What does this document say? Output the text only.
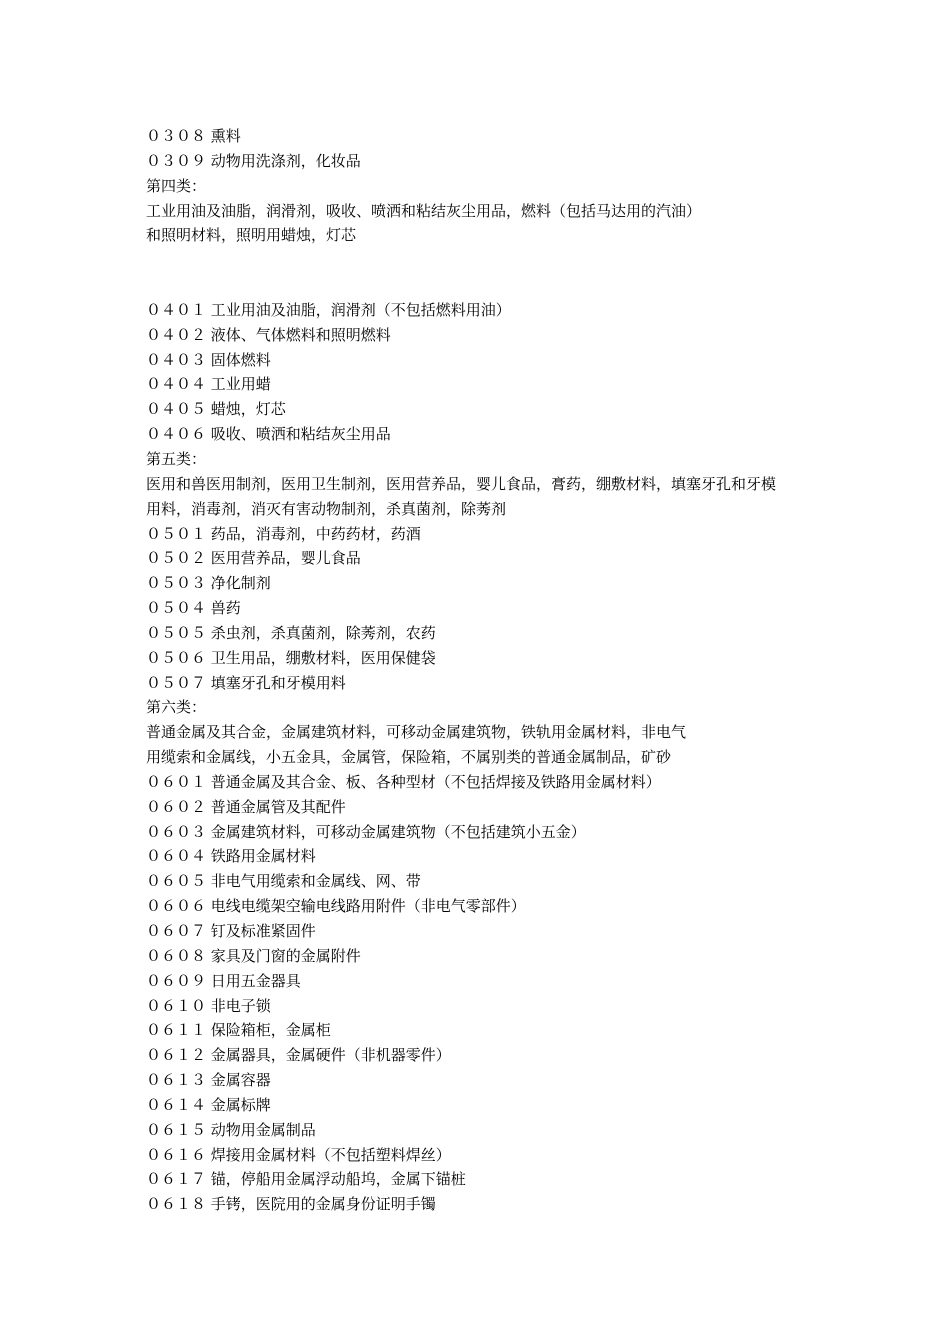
０３０８ 熏料
０３０９ 动物用洗涤剂，化妆品
第四类：
工业用油及油脂，润滑剂，吸收、喷洒和粘结灰尘用品，燃料（包括马达用的汽油）
和照明材料，照明用蜡烛，灯芯
０４０１ 工业用油及油脂，润滑剂（不包括燃料用油）
０４０２ 液体、气体燃料和照明燃料
０４０３ 固体燃料
０４０４ 工业用蜡
０４０５ 蜡烛，灯芯
０４０６ 吸收、喷洒和粘结灰尘用品
第五类：
医用和兽医用制剂，医用卫生制剂，医用营养品，婴儿食品，膏药，绷敷材料，填塞牙孔和牙模
用料，消毒剂，消灭有害动物制剂，杀真菌剂，除莠剂
０５０１ 药品，消毒剂，中药药材，药酒
０５０２ 医用营养品，婴儿食品
０５０３ 净化制剂
０５０４ 兽药
０５０５ 杀虫剂，杀真菌剂，除莠剂，农药
０５０６ 卫生用品，绷敷材料，医用保健袋
０５０７ 填塞牙孔和牙模用料
第六类：
普通金属及其合金，金属建筑材料，可移动金属建筑物，铁轨用金属材料，非电气
用缆索和金属线，小五金具，金属管，保险箱，不属别类的普通金属制品，矿砂
０６０１ 普通金属及其合金、板、各种型材（不包括焊接及铁路用金属材料）
０６０２ 普通金属管及其配件
０６０３ 金属建筑材料，可移动金属建筑物（不包括建筑小五金）
０６０４ 铁路用金属材料
０６０５ 非电气用缆索和金属线、网、带
０６０６ 电线电缆架空输电线路用附件（非电气零部件）
０６０７ 钉及标准紧固件
０６０８ 家具及门窗的金属附件
０６０９ 日用五金器具
０６１０ 非电子锁
０６１１ 保险箱柜，金属柜
０６１２ 金属器具，金属硬件（非机器零件）
０６１３ 金属容器
０６１４ 金属标牌
０６１５ 动物用金属制品
０６１６ 焊接用金属材料（不包括塑料焊丝）
０６１７ 锚，停船用金属浮动船坞，金属下锚桩
０６１８ 手铐，医院用的金属身份证明手镯
